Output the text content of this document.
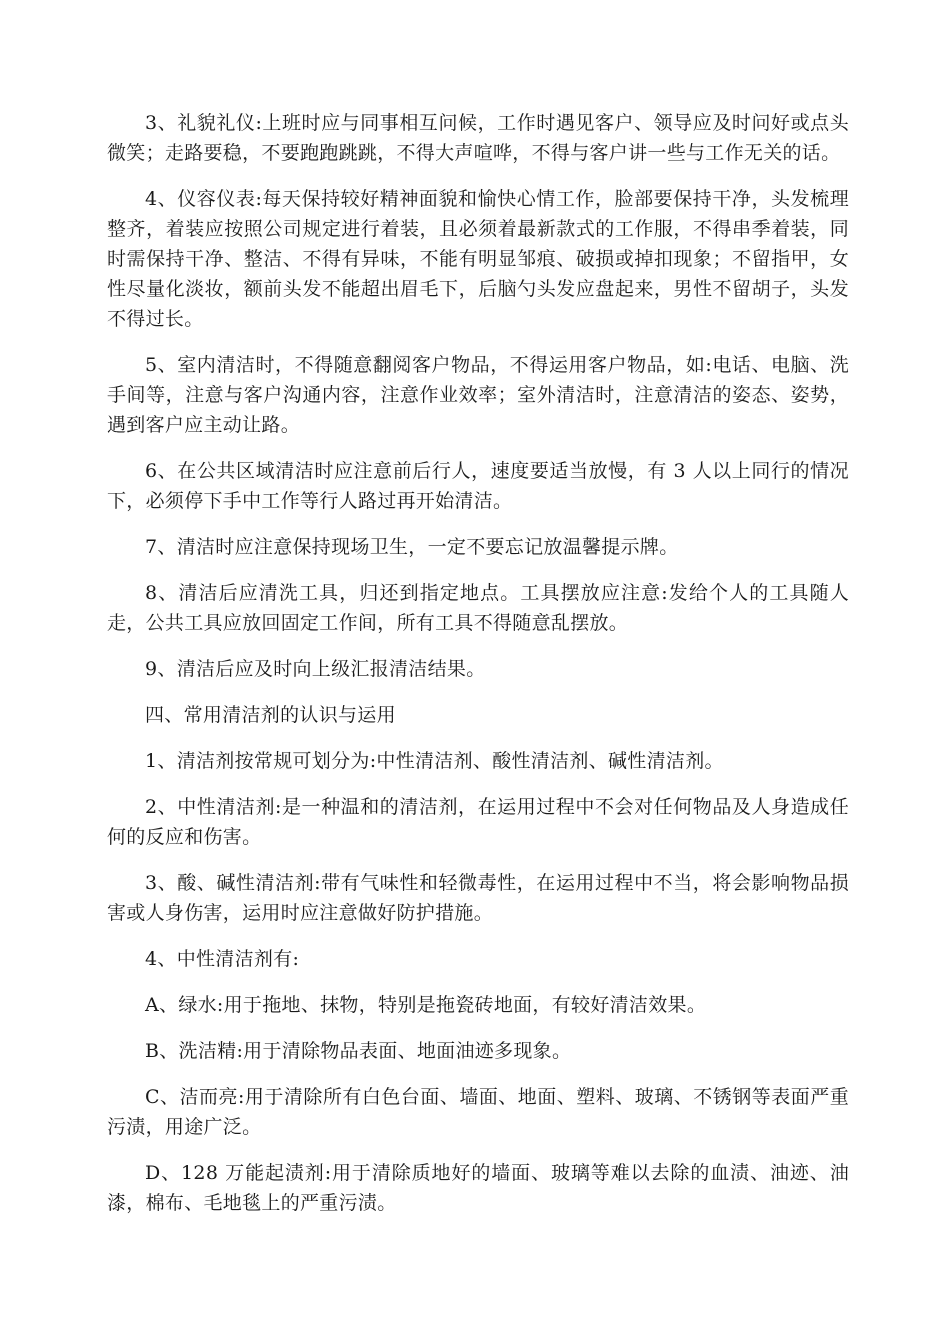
3、礼貌礼仪:上班时应与同事相互问候，工作时遇见客户、领导应及时问好或点头微笑；走路要稳，不要跑跑跳跳，不得大声喧哗，不得与客户讲一些与工作无关的话。

4、仪容仪表:每天保持较好精神面貌和愉快心情工作，脸部要保持干净，头发梳理整齐，着装应按照公司规定进行着装，且必须着最新款式的工作服，不得串季着装，同时需保持干净、整洁、不得有异味，不能有明显邹痕、破损或掉扣现象；不留指甲，女性尽量化淡妆，额前头发不能超出眉毛下，后脑勺头发应盘起来，男性不留胡子，头发不得过长。

5、室内清洁时，不得随意翻阅客户物品，不得运用客户物品，如:电话、电脑、洗手间等，注意与客户沟通内容，注意作业效率；室外清洁时，注意清洁的姿态、姿势，遇到客户应主动让路。

6、在公共区域清洁时应注意前后行人，速度要适当放慢，有 3 人以上同行的情况下，必须停下手中工作等行人路过再开始清洁。

7、清洁时应注意保持现场卫生，一定不要忘记放温馨提示牌。

8、清洁后应清洗工具，归还到指定地点。工具摆放应注意:发给个人的工具随人走，公共工具应放回固定工作间，所有工具不得随意乱摆放。

9、清洁后应及时向上级汇报清洁结果。

四、常用清洁剂的认识与运用

1、清洁剂按常规可划分为:中性清洁剂、酸性清洁剂、碱性清洁剂。

2、中性清洁剂:是一种温和的清洁剂，在运用过程中不会对任何物品及人身造成任何的反应和伤害。

3、酸、碱性清洁剂:带有气味性和轻微毒性，在运用过程中不当，将会影响物品损害或人身伤害，运用时应注意做好防护措施。

4、中性清洁剂有:

A、绿水:用于拖地、抹物，特别是拖瓷砖地面，有较好清洁效果。

B、洗洁精:用于清除物品表面、地面油迹多现象。

C、洁而亮:用于清除所有白色台面、墙面、地面、塑料、玻璃、不锈钢等表面严重污渍，用途广泛。

D、128 万能起渍剂:用于清除质地好的墙面、玻璃等难以去除的血渍、油迹、油漆，棉布、毛地毯上的严重污渍。
